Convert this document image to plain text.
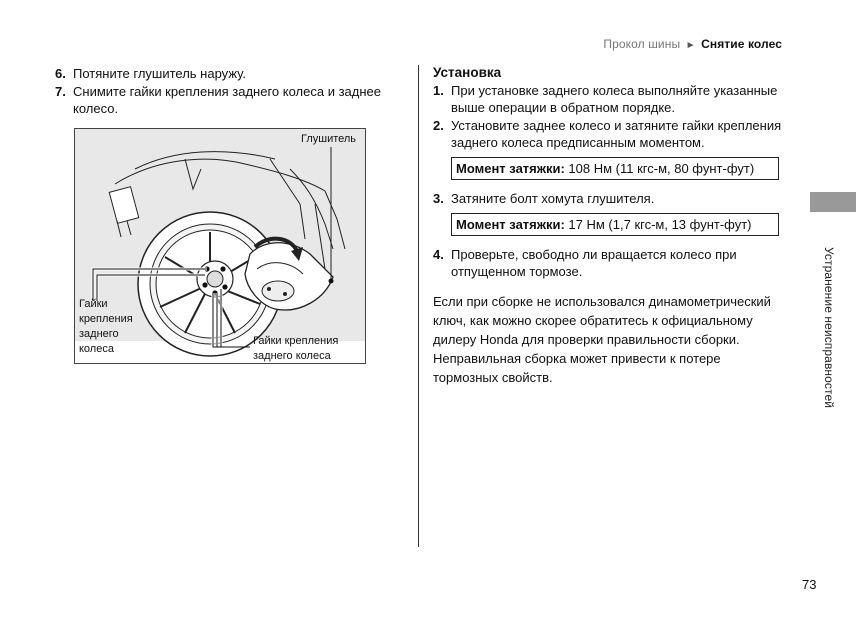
Прокол шины ► Снятие колес
6. Потяните глушитель наружу.
7. Снимите гайки крепления заднего колеса и заднее колесо.
Глушитель
Гайки
крепления
заднего
колеса
Гайки крепления
заднего колеса
Установка
1. При установке заднего колеса выполняйте указанные выше операции в обратном порядке.
2. Установите заднее колесо и затяните гайки крепления заднего колеса предписанным моментом.
Момент затяжки: 108 Нм (11 кгс-м, 80 фунт-фут)
3. Затяните болт хомута глушителя.
Момент затяжки: 17 Нм (1,7 кгс-м, 13 фунт-фут)
4. Проверьте, свободно ли вращается колесо при отпущенном тормозе.
Если при сборке не использовался динамометрический ключ, как можно скорее обратитесь к официальному дилеру Honda для проверки правильности сборки. Неправильная сборка может привести к потере тормозных свойств.	Устранение неисправностей
73
